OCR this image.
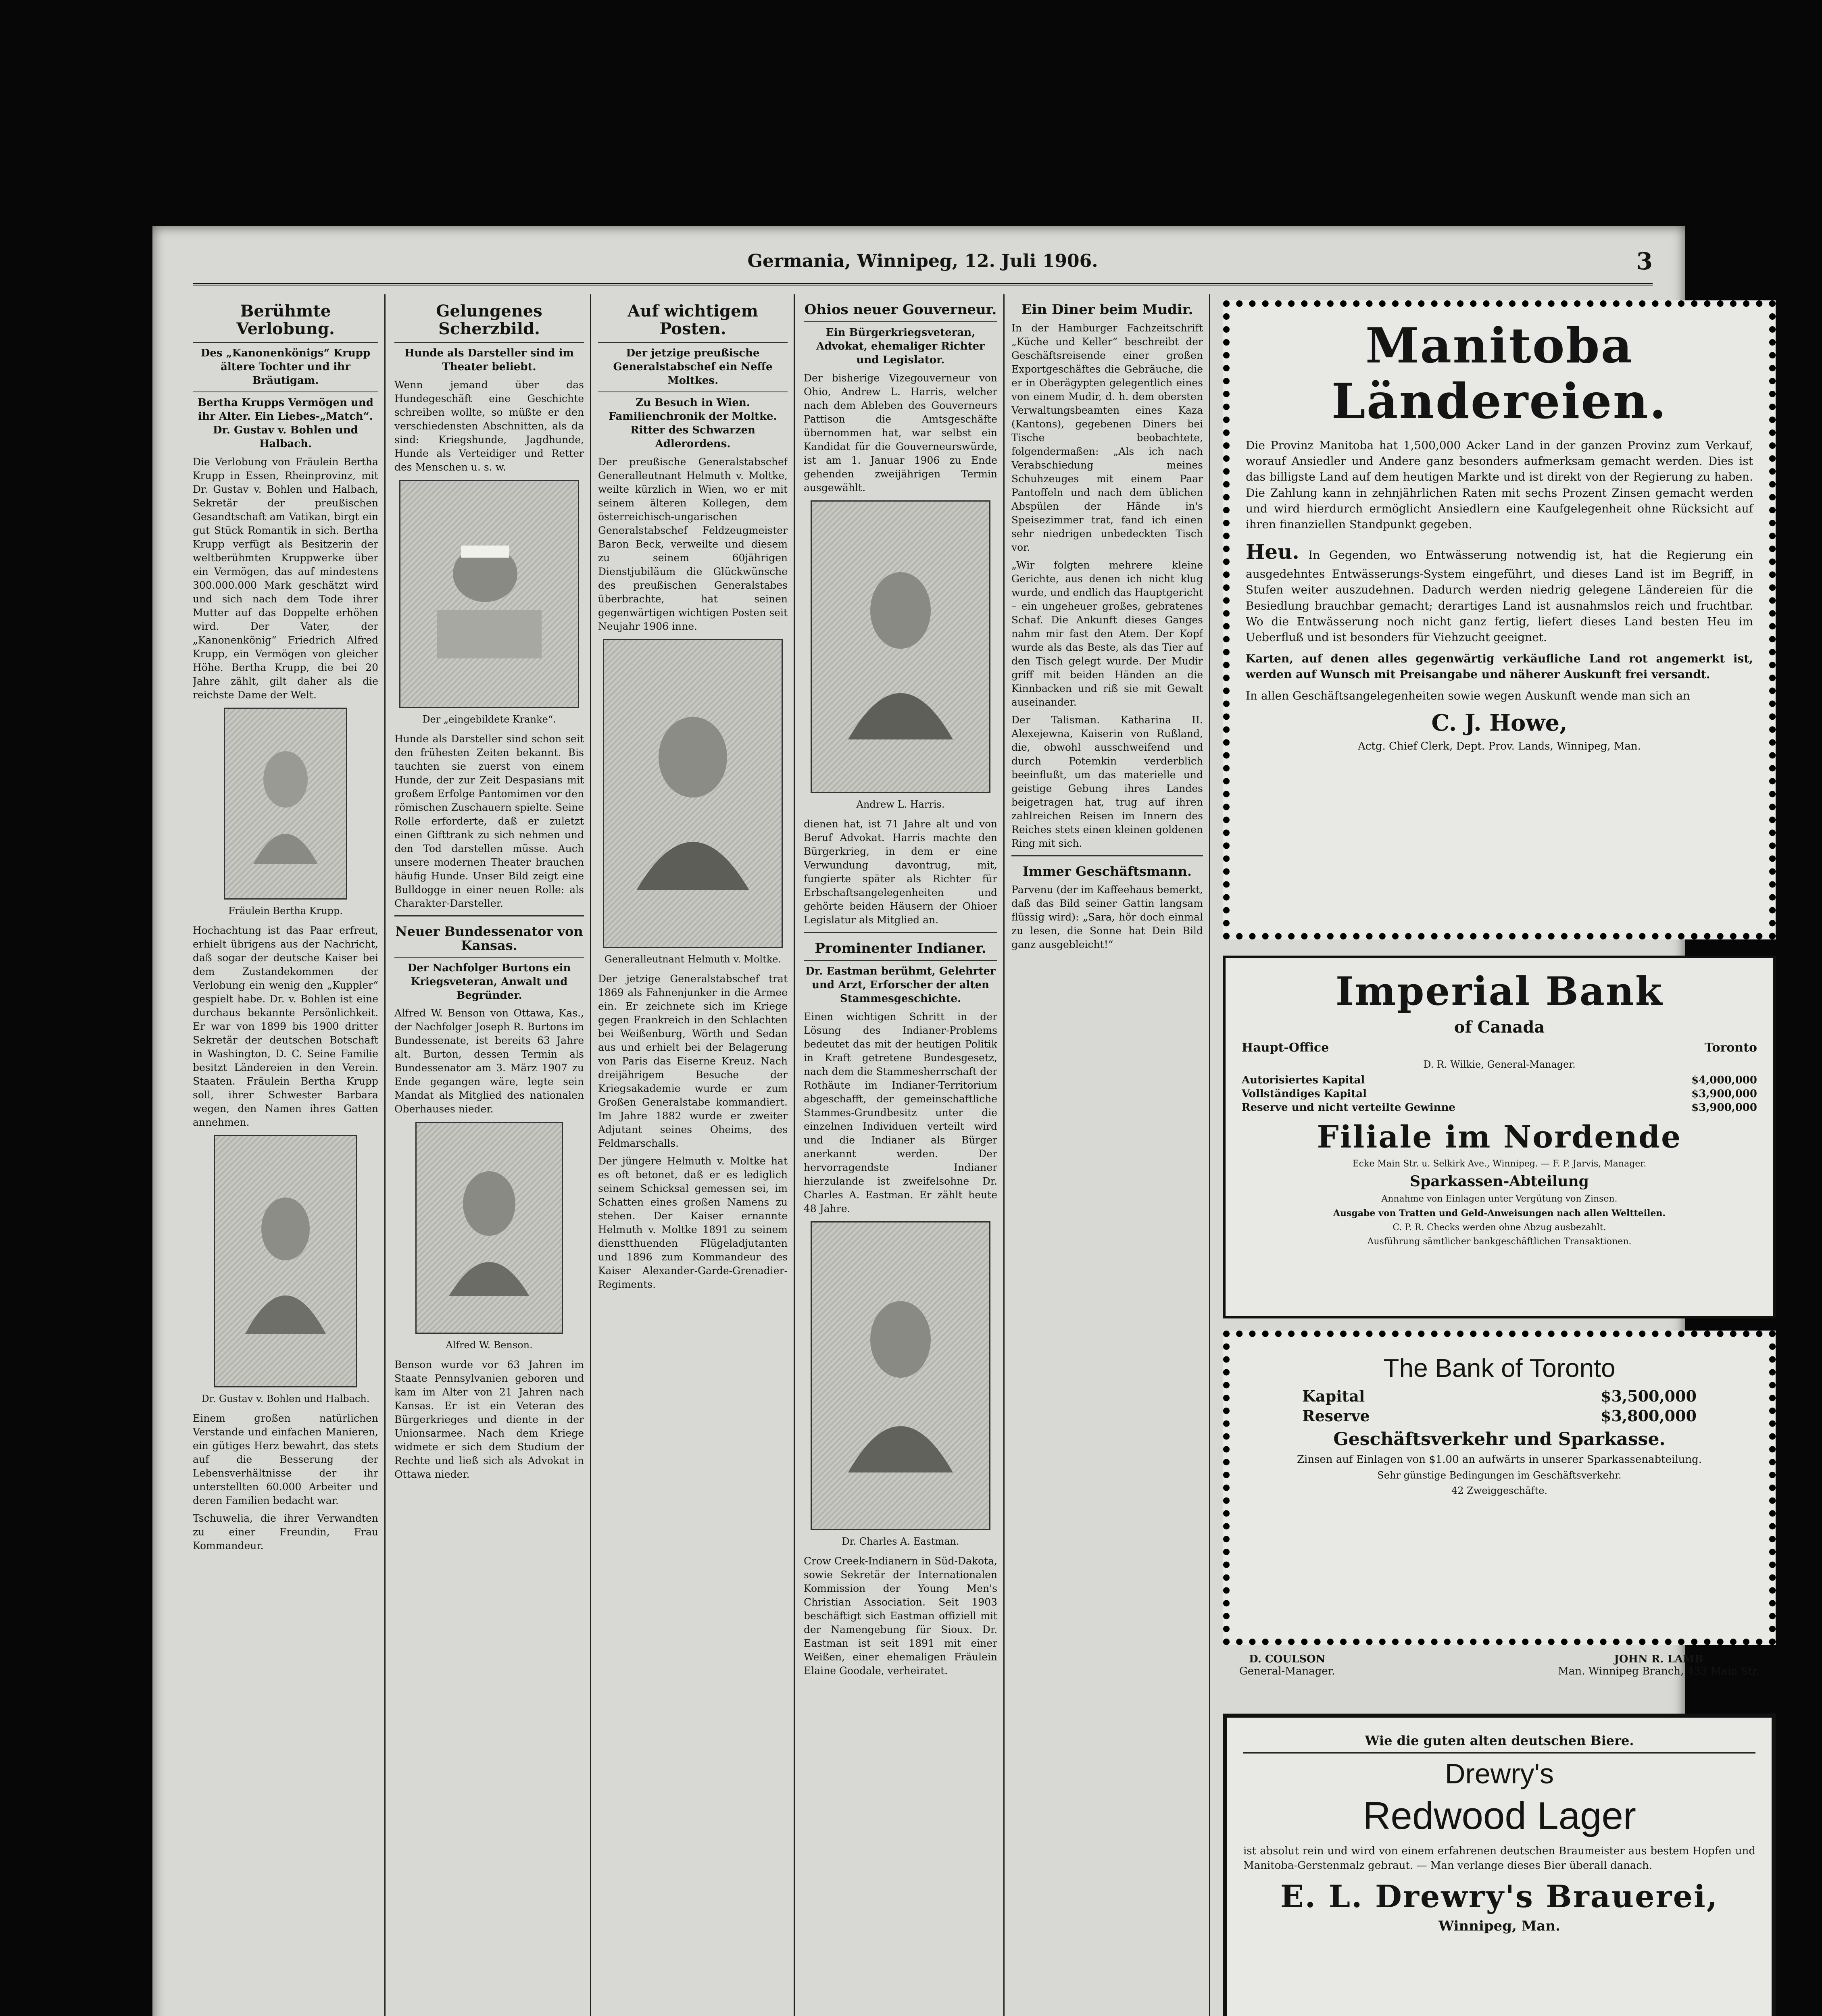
Germania, Winnipeg, 12. Juli 1906.	3
Berühmte Verlobung.
Des „Kanonenkönigs“ Krupp ältere Tochter und ihr Bräutigam.
Bertha Krupps Vermögen und ihr Alter. Ein Liebes-„Match“. Dr. Gustav v. Bohlen und Halbach.
Die Verlobung von Fräulein Bertha Krupp in Essen, Rheinprovinz, mit Dr. Gustav v. Bohlen und Halbach, Sekretär der preußischen Gesandtschaft am Vatikan, birgt ein gut Stück Romantik in sich. Bertha Krupp verfügt als Besitzerin der weltberühmten Kruppwerke über ein Vermögen, das auf mindestens 300.000.000 Mark geschätzt wird und sich nach dem Tode ihrer Mutter auf das Doppelte erhöhen wird. Der Vater, der „Kanonenkönig“ Friedrich Alfred Krupp, ein Vermögen von gleicher Höhe. Bertha Krupp, die bei 20 Jahre zählt, gilt daher als die reichste Dame der Welt.
Fräulein Bertha Krupp.
Hochachtung ist das Paar erfreut, erhielt übrigens aus der Nachricht, daß sogar der deutsche Kaiser bei dem Zustandekommen der Verlobung ein wenig den „Kuppler“ gespielt habe. Dr. v. Bohlen ist eine durchaus bekannte Persönlichkeit. Er war von 1899 bis 1900 dritter Sekretär der deutschen Botschaft in Washington, D. C. Seine Familie besitzt Ländereien in den Verein. Staaten. Fräulein Bertha Krupp soll, ihrer Schwester Barbara wegen, den Namen ihres Gatten annehmen.
Dr. Gustav v. Bohlen und Halbach.
Einem großen natürlichen Verstande und einfachen Manieren, ein gütiges Herz bewahrt, das stets auf die Besserung der Lebensverhältnisse der ihr unterstellten 60.000 Arbeiter und deren Familien bedacht war.
Tschuwelia, die ihrer Verwandten zu einer Freundin, Frau Kommandeur.
Gelungenes Scherzbild.
Hunde als Darsteller sind im Theater beliebt.
Wenn jemand über das Hundegeschäft eine Geschichte schreiben wollte, so müßte er den verschiedensten Abschnitten, als da sind: Kriegshunde, Jagdhunde, Hunde als Verteidiger und Retter des Menschen u. s. w.
Der „eingebildete Kranke“.
Hunde als Darsteller sind schon seit den frühesten Zeiten bekannt. Bis tauchten sie zuerst von einem Hunde, der zur Zeit Despasians mit großem Erfolge Pantomimen vor den römischen Zuschauern spielte. Seine Rolle erforderte, daß er zuletzt einen Gifttrank zu sich nehmen und den Tod darstellen müsse. Auch unsere modernen Theater brauchen häufig Hunde. Unser Bild zeigt eine Bulldogge in einer neuen Rolle: als Charakter-Darsteller.
Neuer Bundessenator von Kansas.
Der Nachfolger Burtons ein Kriegsveteran, Anwalt und Begründer.
Alfred W. Benson von Ottawa, Kas., der Nachfolger Joseph R. Burtons im Bundessenate, ist bereits 63 Jahre alt. Burton, dessen Termin als Bundessenator am 3. März 1907 zu Ende gegangen wäre, legte sein Mandat als Mitglied des nationalen Oberhauses nieder.
Alfred W. Benson.
Benson wurde vor 63 Jahren im Staate Pennsylvanien geboren und kam im Alter von 21 Jahren nach Kansas. Er ist ein Veteran des Bürgerkrieges und diente in der Unionsarmee. Nach dem Kriege widmete er sich dem Studium der Rechte und ließ sich als Advokat in Ottawa nieder.
Auf wichtigem Posten.
Der jetzige preußische Generalstabschef ein Neffe Moltkes.
Zu Besuch in Wien. Familienchronik der Moltke. Ritter des Schwarzen Adlerordens.
Der preußische Generalstabschef Generalleutnant Helmuth v. Moltke, weilte kürzlich in Wien, wo er mit seinem älteren Kollegen, dem österreichisch-ungarischen Generalstabschef Feldzeugmeister Baron Beck, verweilte und diesem zu seinem 60jährigen Dienstjubiläum die Glückwünsche des preußischen Generalstabes überbrachte, hat seinen gegenwärtigen wichtigen Posten seit Neujahr 1906 inne.
Generalleutnant Helmuth v. Moltke.
Der jetzige Generalstabschef trat 1869 als Fahnenjunker in die Armee ein. Er zeichnete sich im Kriege gegen Frankreich in den Schlachten bei Weißenburg, Wörth und Sedan aus und erhielt bei der Belagerung von Paris das Eiserne Kreuz. Nach dreijährigem Besuche der Kriegsakademie wurde er zum Großen Generalstabe kommandiert. Im Jahre 1882 wurde er zweiter Adjutant seines Oheims, des Feldmarschalls.
Der jüngere Helmuth v. Moltke hat es oft betonet, daß er es lediglich seinem Schicksal gemessen sei, im Schatten eines großen Namens zu stehen. Der Kaiser ernannte Helmuth v. Moltke 1891 zu seinem dienstthuenden Flügeladjutanten und 1896 zum Kommandeur des Kaiser Alexander-Garde-Grenadier-Regiments.
Ohios neuer Gouverneur.
Ein Bürgerkriegsveteran, Advokat, ehemaliger Richter und Legislator.
Der bisherige Vizegouverneur von Ohio, Andrew L. Harris, welcher nach dem Ableben des Gouverneurs Pattison die Amtsgeschäfte übernommen hat, war selbst ein Kandidat für die Gouverneurswürde, ist am 1. Januar 1906 zu Ende gehenden zweijährigen Termin ausgewählt.
Andrew L. Harris.
dienen hat, ist 71 Jahre alt und von Beruf Advokat. Harris machte den Bürgerkrieg, in dem er eine Verwundung davontrug, mit, fungierte später als Richter für Erbschaftsangelegenheiten und gehörte beiden Häusern der Ohioer Legislatur als Mitglied an.
Prominenter Indianer.
Dr. Eastman berühmt, Gelehrter und Arzt, Erforscher der alten Stammesgeschichte.
Einen wichtigen Schritt in der Lösung des Indianer-Problems bedeutet das mit der heutigen Politik in Kraft getretene Bundesgesetz, nach dem die Stammesherrschaft der Rothäute im Indianer-Territorium abgeschafft, der gemeinschaftliche Stammes-Grundbesitz unter die einzelnen Individuen verteilt wird und die Indianer als Bürger anerkannt werden. Der hervorragendste Indianer hierzulande ist zweifelsohne Dr. Charles A. Eastman. Er zählt heute 48 Jahre.
Dr. Charles A. Eastman.
Crow Creek-Indianern in Süd-Dakota, sowie Sekretär der Internationalen Kommission der Young Men's Christian Association. Seit 1903 beschäftigt sich Eastman offiziell mit der Namengebung für Sioux. Dr. Eastman ist seit 1891 mit einer Weißen, einer ehemaligen Fräulein Elaine Goodale, verheiratet.
Ein Diner beim Mudir.
In der Hamburger Fachzeitschrift „Küche und Keller“ beschreibt der Geschäftsreisende einer großen Exportgeschäftes die Gebräuche, die er in Oberägypten gelegentlich eines von einem Mudir, d. h. dem obersten Verwaltungsbeamten eines Kaza (Kantons), gegebenen Diners bei Tische beobachtete, folgendermaßen: „Als ich nach Verabschiedung meines Schuhzeuges mit einem Paar Pantoffeln und nach dem üblichen Abspülen der Hände in's Speisezimmer trat, fand ich einen sehr niedrigen unbedeckten Tisch vor.
„Wir folgten mehrere kleine Gerichte, aus denen ich nicht klug wurde, und endlich das Hauptgericht – ein ungeheuer großes, gebratenes Schaf. Die Ankunft dieses Ganges nahm mir fast den Atem. Der Kopf wurde als das Beste, als das Tier auf den Tisch gelegt wurde. Der Mudir griff mit beiden Händen an die Kinnbacken und riß sie mit Gewalt auseinander.
Der Talisman. Katharina II. Alexejewna, Kaiserin von Rußland, die, obwohl ausschweifend und durch Potemkin verderblich beeinflußt, um das materielle und geistige Gebung ihres Landes beigetragen hat, trug auf ihren zahlreichen Reisen im Innern des Reiches stets einen kleinen goldenen Ring mit sich.
Immer Geschäftsmann.
Parvenu (der im Kaffeehaus bemerkt, daß das Bild seiner Gattin langsam flüssig wird): „Sara, hör doch einmal zu lesen, die Sonne hat Dein Bild ganz ausgebleicht!“
Manitoba
Ländereien.
Die Provinz Manitoba hat 1,500,000 Acker Land in der ganzen Provinz zum Verkauf, worauf Ansiedler und Andere ganz besonders aufmerksam gemacht werden. Dies ist das billigste Land auf dem heutigen Markte und ist direkt von der Regierung zu haben. Die Zahlung kann in zehnjährlichen Raten mit sechs Prozent Zinsen gemacht werden und wird hierdurch ermöglicht Ansiedlern eine Kaufgelegenheit ohne Rücksicht auf ihren finanziellen Standpunkt gegeben.
Heu. In Gegenden, wo Entwässerung notwendig ist, hat die Regierung ein ausgedehntes Entwässerungs-System eingeführt, und dieses Land ist im Begriff, in Stufen weiter auszudehnen. Dadurch werden niedrig gelegene Ländereien für die Besiedlung brauchbar gemacht; derartiges Land ist ausnahmslos reich und fruchtbar. Wo die Entwässerung noch nicht ganz fertig, liefert dieses Land besten Heu im Ueberfluß und ist besonders für Viehzucht geeignet.
Karten, auf denen alles gegenwärtig verkäufliche Land rot angemerkt ist, werden auf Wunsch mit Preisangabe und näherer Auskunft frei versandt.
In allen Geschäftsangelegenheiten sowie wegen Auskunft wende man sich an
C. J. Howe,
Actg. Chief Clerk, Dept. Prov. Lands, Winnipeg, Man.
Imperial Bank
of Canada
Haupt-Office	Toronto
D. R. Wilkie, General-Manager.
Autorisiertes Kapital	$4,000,000
Vollständiges Kapital	$3,900,000
Reserve und nicht verteilte Gewinne	$3,900,000
Filiale im Nordende
Ecke Main Str. u. Selkirk Ave., Winnipeg. — F. P. Jarvis, Manager.
Sparkassen-Abteilung
Annahme von Einlagen unter Vergütung von Zinsen.
Ausgabe von Tratten und Geld-Anweisungen nach allen Weltteilen.
C. P. R. Checks werden ohne Abzug ausbezahlt.
Ausführung sämtlicher bankgeschäftlichen Transaktionen.
The Bank of Toronto
Kapital	$3,500,000
Reserve	$3,800,000
Geschäftsverkehr und Sparkasse.
Zinsen auf Einlagen von $1.00 an aufwärts in unserer Sparkassenabteilung.
Sehr günstige Bedingungen im Geschäftsverkehr.
42 Zweiggeschäfte.
D. COULSON
General-Manager.
JOHN R. LAMB
Man. Winnipeg Branch, 433 Main Str.
Wie die guten alten deutschen Biere.
Drewry's
Redwood Lager
ist absolut rein und wird von einem erfahrenen deutschen Braumeister aus bestem Hopfen und Manitoba-Gerstenmalz gebraut. — Man verlange dieses Bier überall danach.
E. L. Drewry's Brauerei,
Winnipeg, Man.
